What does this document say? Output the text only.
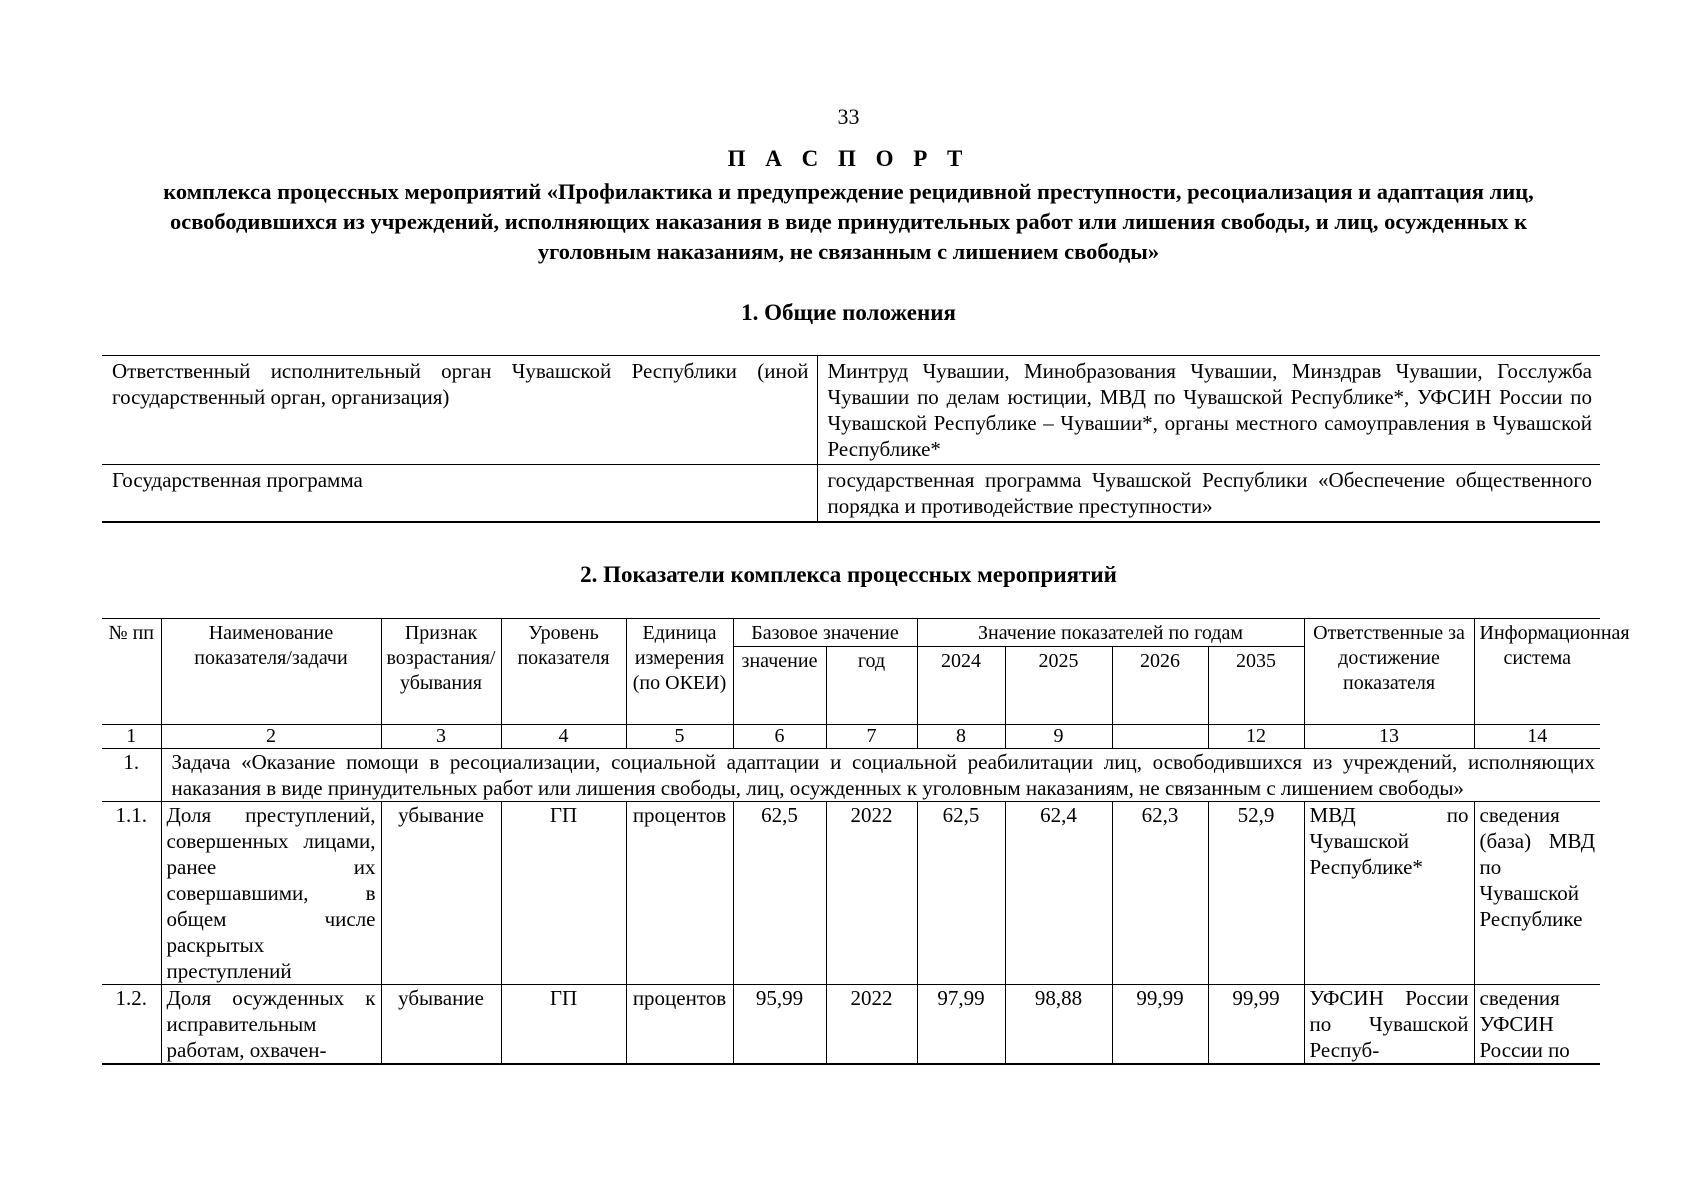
33
П А С П О Р Т
комплекса процессных мероприятий «Профилактика и предупреждение рецидивной преступности, ресоциализация и адаптация лиц, освободившихся из учреждений, исполняющих наказания в виде принудительных работ или лишения свободы, и лиц, осужденных к уголовным наказаниям, не связанным с лишением свободы»
1. Общие положения
Ответственный исполнительный орган Чувашской Республики (иной государственный орган, организация)	Минтруд Чувашии, Минобразования Чувашии, Минздрав Чувашии, Госслужба Чувашии по делам юстиции, МВД по Чувашской Республике*, УФСИН России по Чувашской Республике – Чувашии*, органы местного самоуправления в Чувашской Республике*
Государственная программа	государственная программа Чувашской Республики «Обеспечение общественного порядка и противодействие преступности»
2. Показатели комплекса процессных мероприятий
№ пп	Наименование показателя/задачи	Признак возрастания/убывания	Уровень показателя	Единица измерения (по ОКЕИ)	Базовое значение		Значение показателей по годам				Ответственные за достижение показателя	Информационная система
					значение	год	2024	2025	2026	2035		
1	2	3	4	5	6	7	8	9		12	13	14
1.	Задача «Оказание помощи в ресоциализации, социальной адаптации и социальной реабилитации лиц, освободившихся из учреждений, исполняющих наказания в виде принудительных работ или лишения свободы, лиц, осужденных к уголовным наказаниям, не связанным с лишением свободы»											
1.1.	Доля преступлений, совершенных лицами, ранее их совершавшими, в общем числе раскрытых преступлений	убывание	ГП	процентов	62,5	2022	62,5	62,4	62,3	52,9	МВД по Чувашской Республике*	сведения (база) МВД по Чувашской Республике
1.2.	Доля осужденных к исправительным работам, охвачен-	убывание	ГП	процентов	95,99	2022	97,99	98,88	99,99	99,99	УФСИН России по Чувашской Респуб-	сведения УФСИН России по
